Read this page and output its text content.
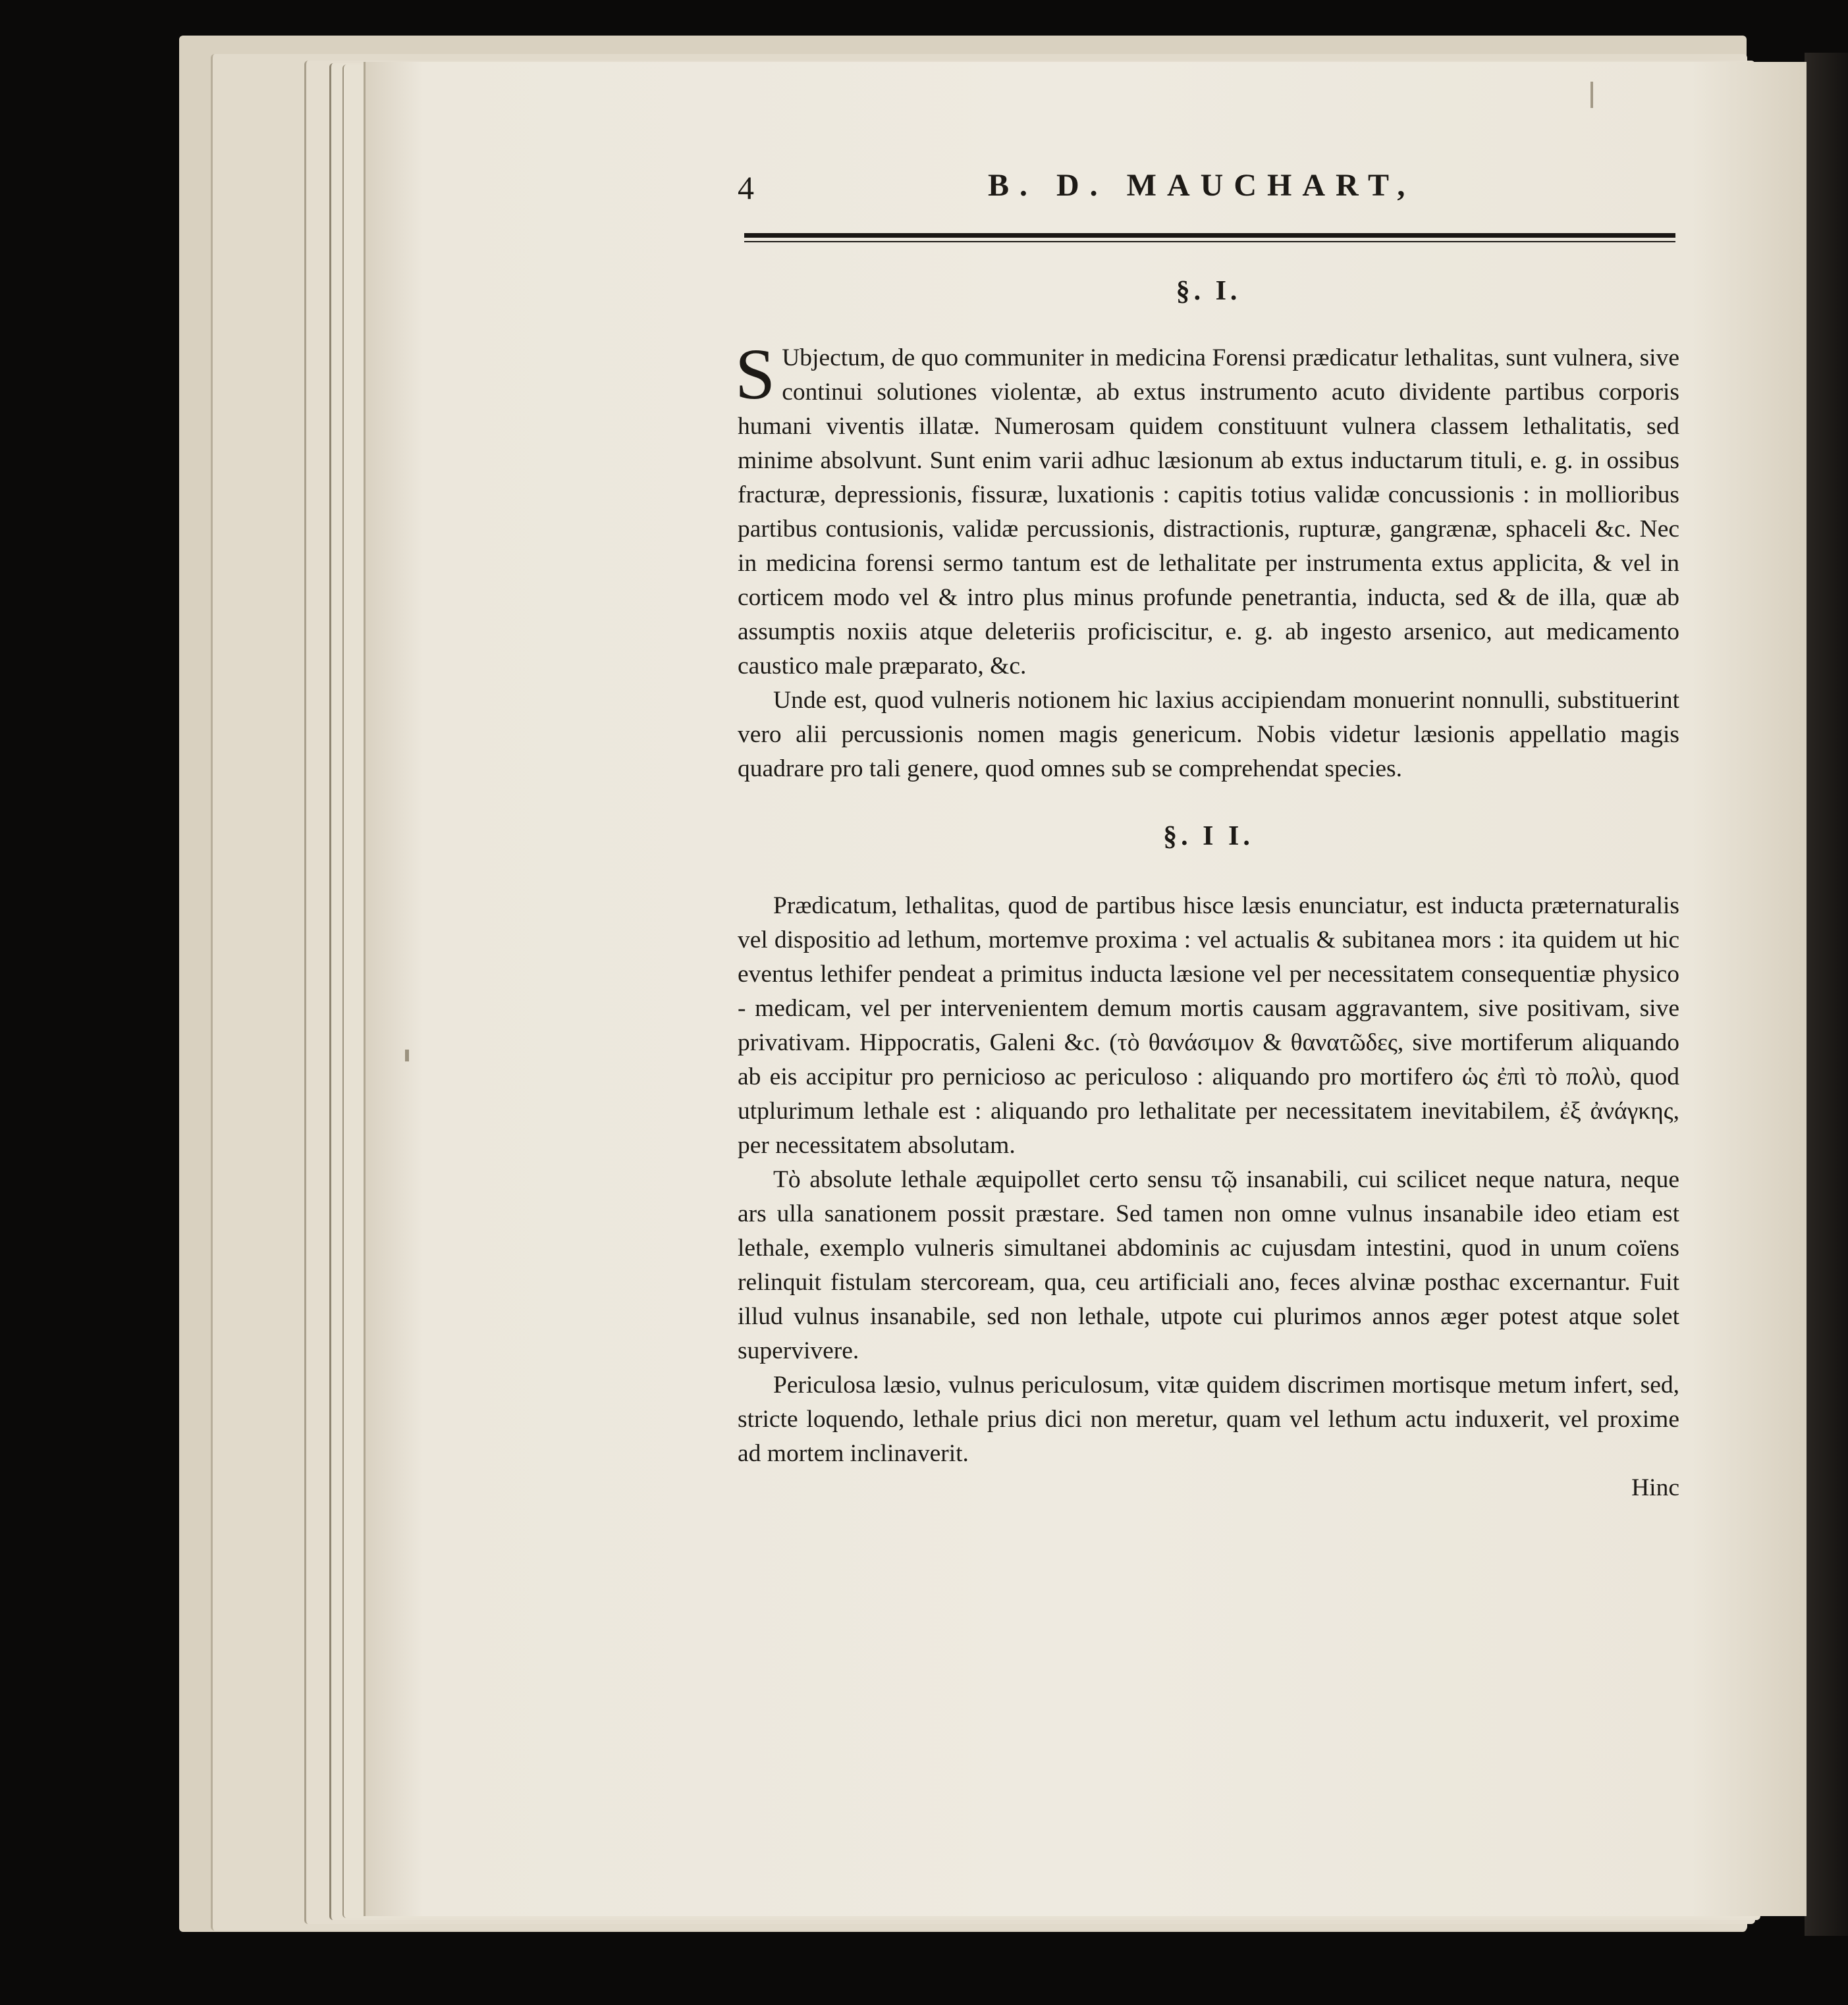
4	B. D. MAUCHART,
§. I.
S Ubjectum, de quo communiter in medicina Forensi prædicatur lethalitas, sunt vulnera, sive continui solutiones violentæ, ab extus instrumento acuto dividente partibus corporis humani viventis illatæ. Numerosam quidem constituunt vulnera classem lethalitatis, sed minime absolvunt. Sunt enim varii adhuc læsionum ab extus inductarum tituli, e. g. in ossibus fracturæ, depressionis, fissuræ, luxationis : capitis totius validæ concussionis : in mollioribus partibus contusionis, validæ percussionis, distractionis, rupturæ, gangrænæ, sphaceli &c. Nec in medicina forensi sermo tantum est de lethalitate per instrumenta extus applicita, & vel in corticem modo vel & intro plus minus profunde penetrantia, inducta, sed & de illa, quæ ab assumptis noxiis atque deleteriis proficiscitur, e. g. ab ingesto arsenico, aut medicamento caustico male præparato, &c.

Unde est, quod vulneris notionem hic laxius accipiendam monuerint nonnulli, substituerint vero alii percussionis nomen magis genericum. Nobis videtur læsionis appellatio magis quadrare pro tali genere, quod omnes sub se comprehendat species.

§. I I.

Prædicatum, lethalitas, quod de partibus hisce læsis enunciatur, est inducta præternaturalis vel dispositio ad lethum, mortemve proxima : vel actualis & subitanea mors : ita quidem ut hic eventus lethifer pendeat a primitus inducta læsione vel per necessitatem consequentiæ physico - medicam, vel per intervenientem demum mortis causam aggravantem, sive positivam, sive privativam. Hippocratis, Galeni &c. (τὸ θανάσιμον & θανατῶδες, sive mortiferum aliquando ab eis accipitur pro pernicioso ac periculoso : aliquando pro mortifero ὡς ἐπὶ τὸ πολὺ, quod utplurimum lethale est : aliquando pro lethalitate per necessitatem inevitabilem, ἐξ ἀνάγκης, per necessitatem absolutam.

Τὸ absolute lethale æquipollet certo sensu τῷ insanabili, cui scilicet neque natura, neque ars ulla sanationem possit præstare. Sed tamen non omne vulnus insanabile ideo etiam est lethale, exemplo vulneris simultanei abdominis ac cujusdam intestini, quod in unum coïens relinquit fistulam stercoream, qua, ceu artificiali ano, feces alvinæ posthac excernantur. Fuit illud vulnus insanabile, sed non lethale, utpote cui plurimos annos æger potest atque solet supervivere.

Periculosa læsio, vulnus periculosum, vitæ quidem discrimen mortisque metum infert, sed, stricte loquendo, lethale prius dici non meretur, quam vel lethum actu induxerit, vel proxime ad mortem inclinaverit.

Hinc
